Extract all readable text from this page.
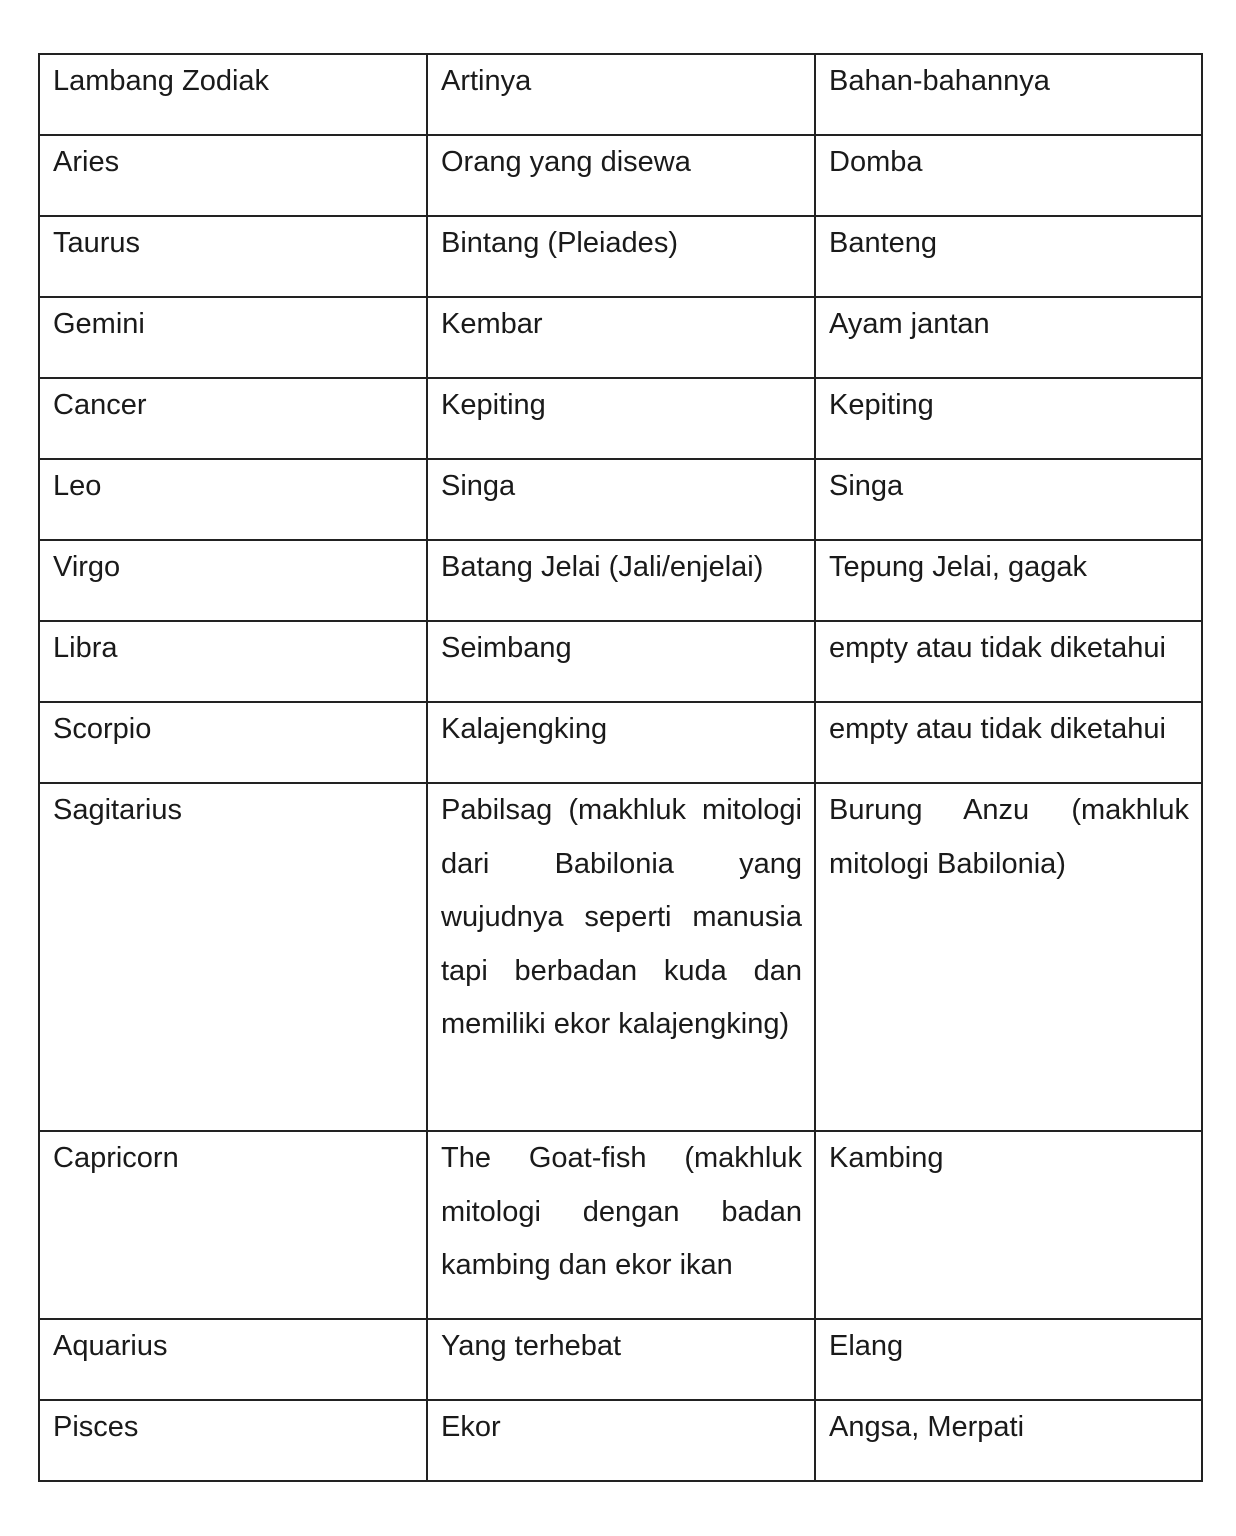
Lambang Zodiak	Artinya	Bahan-bahannya

Aries	Orang yang disewa	Domba

Taurus	Bintang (Pleiades)	Banteng

Gemini	Kembar	Ayam jantan

Cancer	Kepiting	Kepiting

Leo	Singa	Singa

Virgo	Batang Jelai (Jali/enjelai)	Tepung Jelai, gagak

Libra	Seimbang	empty atau tidak diketahui

Scorpio	Kalajengking	empty atau tidak diketahui

Sagitarius	Pabilsag (makhluk mitologi dari Babilonia yang wujudnya seperti manusia tapi berbadan kuda dan memiliki ekor kalajengking)	Burung Anzu (makhluk mitologi Babilonia)

Capricorn	The Goat-fish (makhluk mitologi dengan badan kambing dan ekor ikan	Kambing

Aquarius	Yang terhebat	Elang

Pisces	Ekor	Angsa, Merpati
